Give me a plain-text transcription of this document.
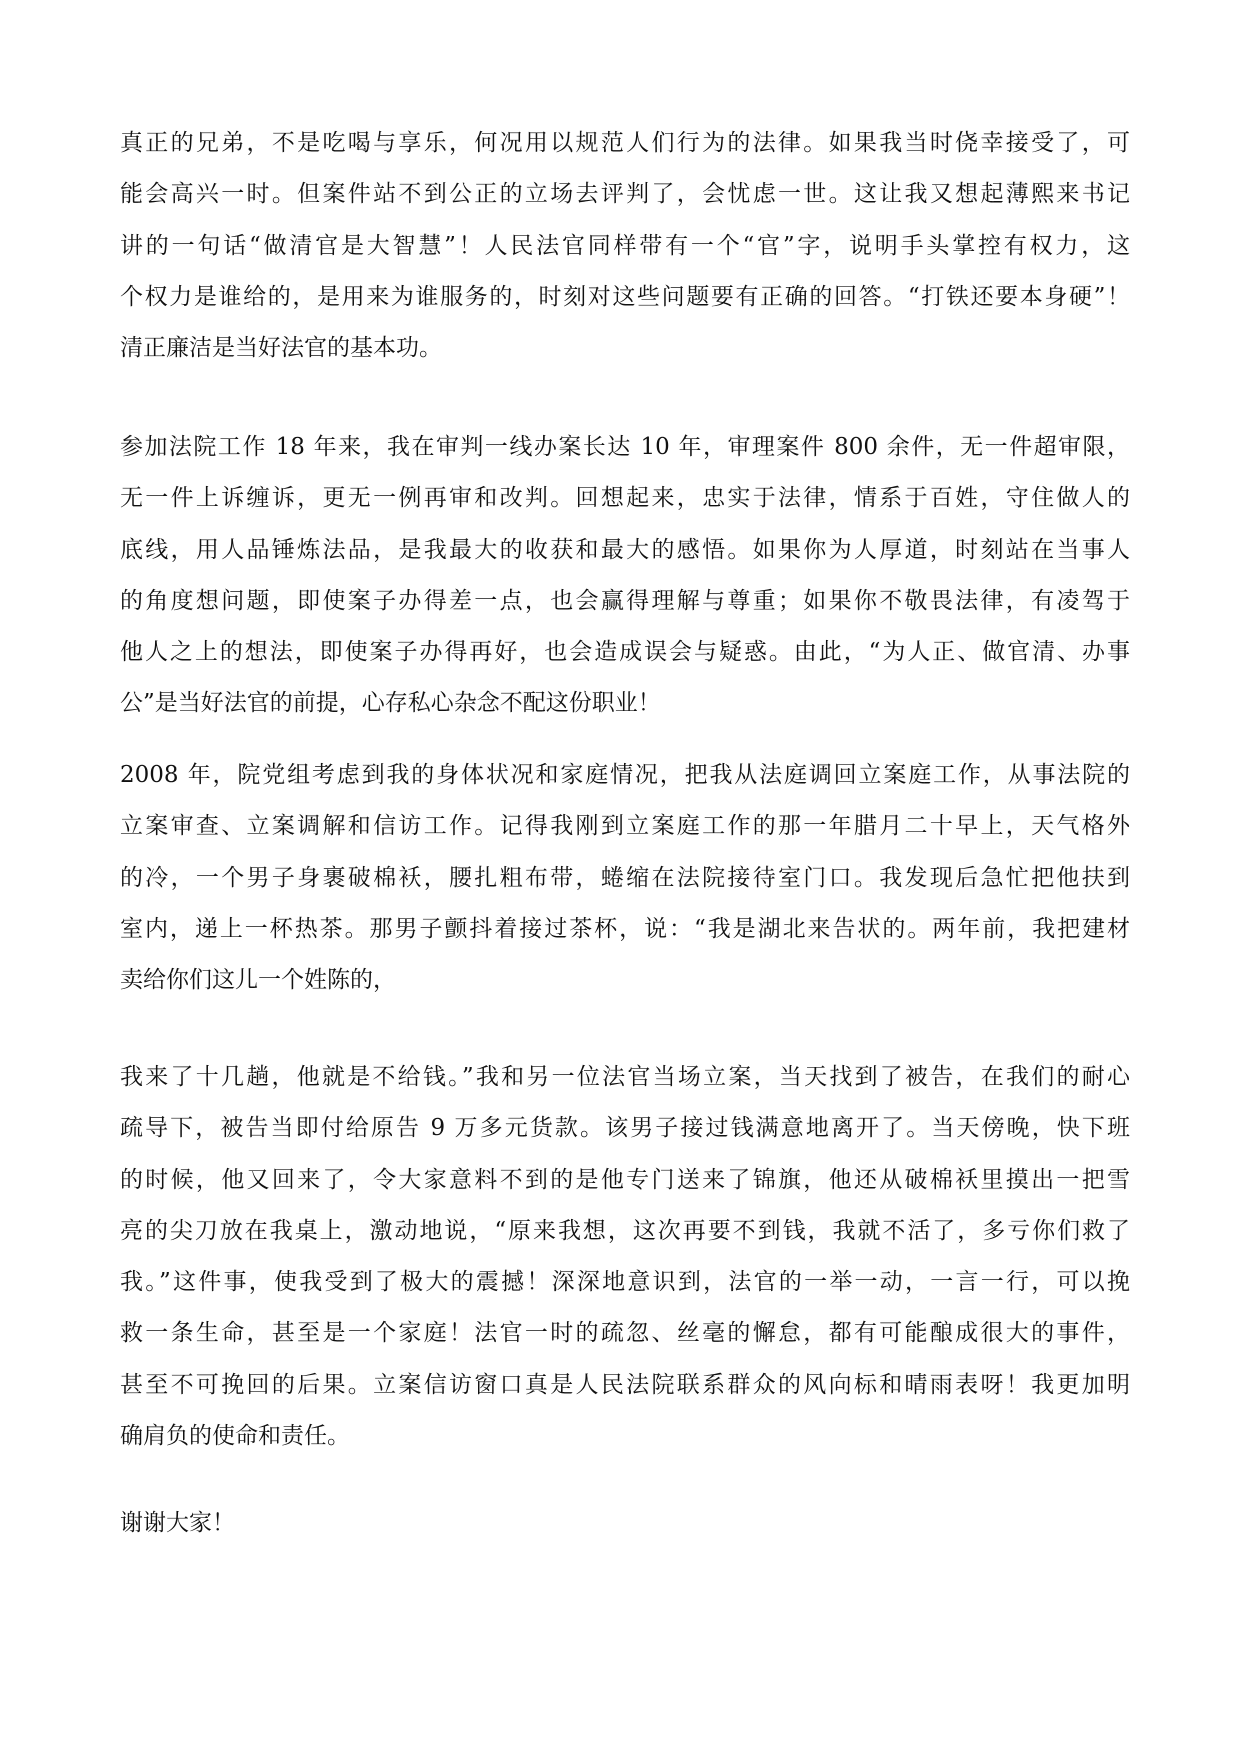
真正的兄弟，不是吃喝与享乐，何况用以规范人们行为的法律。如果我当时侥幸接受了，可
能会高兴一时。但案件站不到公正的立场去评判了，会忧虑一世。这让我又想起薄熙来书记
讲的一句话“做清官是大智慧”！人民法官同样带有一个“官”字，说明手头掌控有权力，这
个权力是谁给的，是用来为谁服务的，时刻对这些问题要有正确的回答。“打铁还要本身硬”！
清正廉洁是当好法官的基本功。

参加法院工作 18 年来，我在审判一线办案长达 10 年，审理案件 800 余件，无一件超审限，
无一件上诉缠诉，更无一例再审和改判。回想起来，忠实于法律，情系于百姓，守住做人的
底线，用人品锤炼法品，是我最大的收获和最大的感悟。如果你为人厚道，时刻站在当事人
的角度想问题，即使案子办得差一点，也会赢得理解与尊重；如果你不敬畏法律，有凌驾于
他人之上的想法，即使案子办得再好，也会造成误会与疑惑。由此，“为人正、做官清、办事
公”是当好法官的前提，心存私心杂念不配这份职业！

2008 年，院党组考虑到我的身体状况和家庭情况，把我从法庭调回立案庭工作，从事法院的
立案审查、立案调解和信访工作。记得我刚到立案庭工作的那一年腊月二十早上，天气格外
的冷，一个男子身裹破棉袄，腰扎粗布带，蜷缩在法院接待室门口。我发现后急忙把他扶到
室内，递上一杯热茶。那男子颤抖着接过茶杯，说：“我是湖北来告状的。两年前，我把建材
卖给你们这儿一个姓陈的，

我来了十几趟，他就是不给钱。”我和另一位法官当场立案，当天找到了被告，在我们的耐心
疏导下，被告当即付给原告 9 万多元货款。该男子接过钱满意地离开了。当天傍晚，快下班
的时候，他又回来了，令大家意料不到的是他专门送来了锦旗，他还从破棉袄里摸出一把雪
亮的尖刀放在我桌上，激动地说，“原来我想，这次再要不到钱，我就不活了，多亏你们救了
我。”这件事，使我受到了极大的震撼！深深地意识到，法官的一举一动，一言一行，可以挽
救一条生命，甚至是一个家庭！法官一时的疏忽、丝毫的懈怠，都有可能酿成很大的事件，
甚至不可挽回的后果。立案信访窗口真是人民法院联系群众的风向标和晴雨表呀！我更加明
确肩负的使命和责任。

谢谢大家！
